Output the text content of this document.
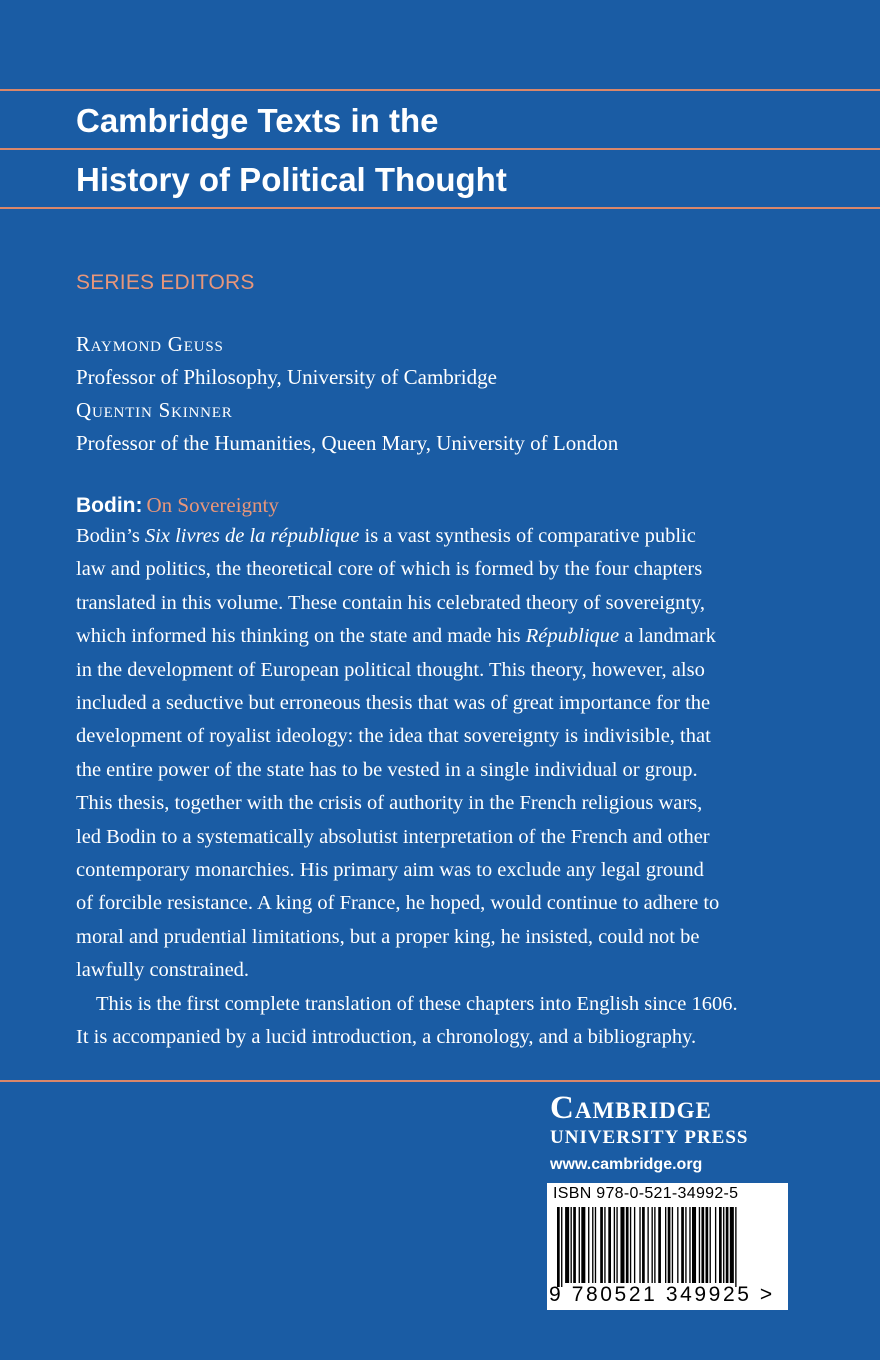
Cambridge Texts in the
History of Political Thought
SERIES EDITORS
Raymond Geuss
Professor of Philosophy, University of Cambridge
Quentin Skinner
Professor of the Humanities, Queen Mary, University of London
Bodin: On Sovereignty

Bodin’s Six livres de la république is a vast synthesis of comparative public
law and politics, the theoretical core of which is formed by the four chapters
translated in this volume. These contain his celebrated theory of sovereignty,
which informed his thinking on the state and made his République a landmark
in the development of European political thought. This theory, however, also
included a seductive but erroneous thesis that was of great importance for the
development of royalist ideology: the idea that sovereignty is indivisible, that
the entire power of the state has to be vested in a single individual or group.
This thesis, together with the crisis of authority in the French religious wars,
led Bodin to a systematically absolutist interpretation of the French and other
contemporary monarchies. His primary aim was to exclude any legal ground
of forcible resistance. A king of France, he hoped, would continue to adhere to
moral and prudential limitations, but a proper king, he insisted, could not be
lawfully constrained.

This is the first complete translation of these chapters into English since 1606.
It is accompanied by a lucid introduction, a chronology, and a bibliography.

Cambridge
UNIVERSITY PRESS
www.cambridge.org
ISBN 978-0-521-34992-5
9 780521 349925 >
